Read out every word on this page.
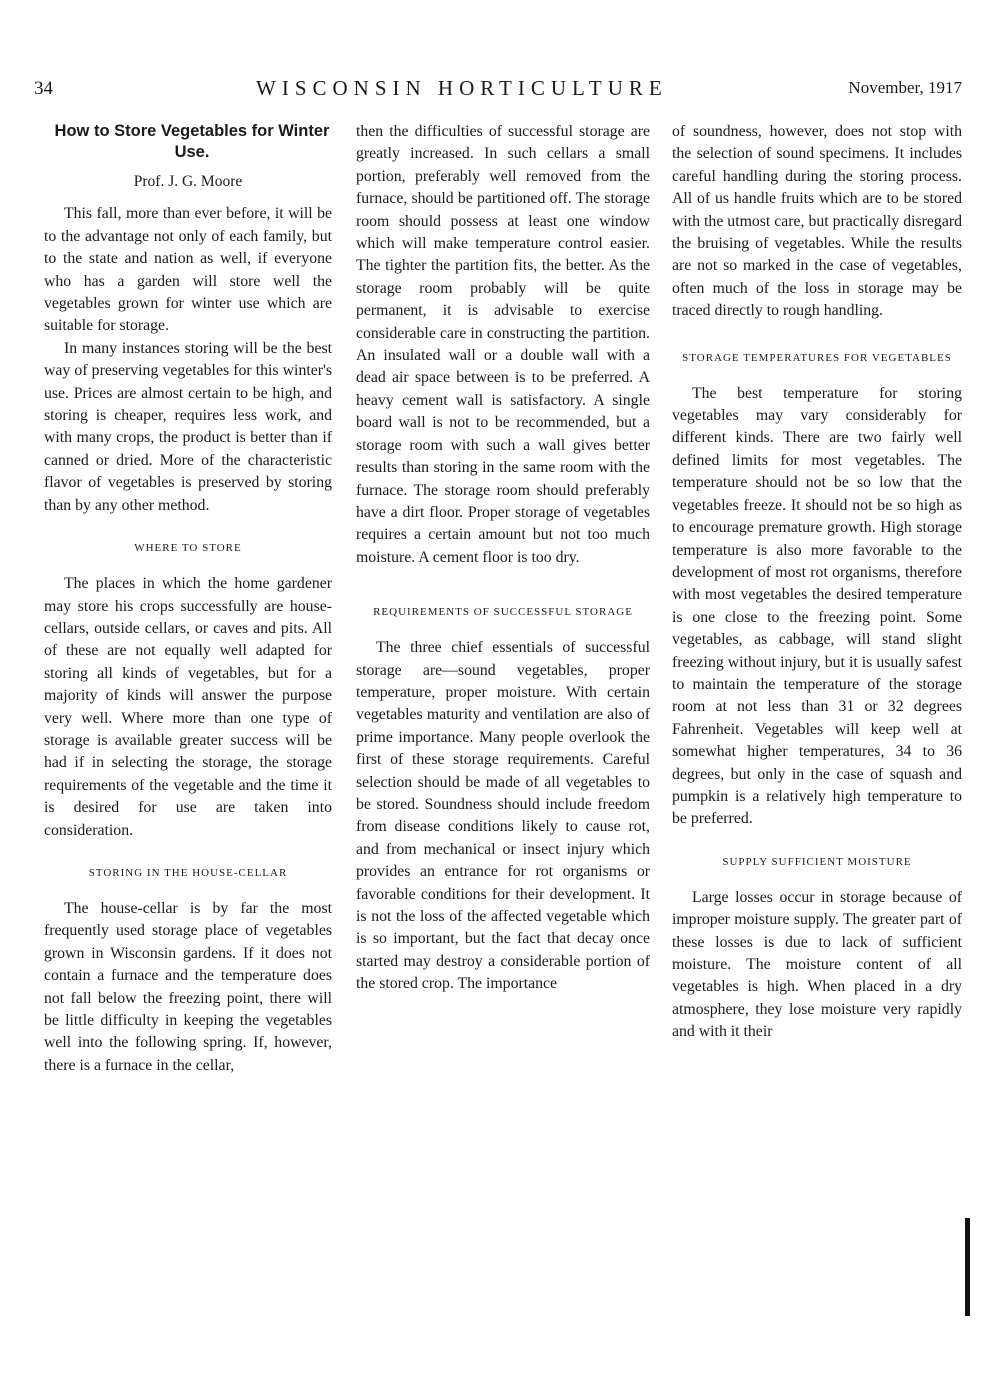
34	WISCONSIN HORTICULTURE	November, 1917
How to Store Vegetables for Winter Use.
Prof. J. G. Moore

This fall, more than ever before, it will be to the advantage not only of each family, but to the state and nation as well, if everyone who has a garden will store well the vegetables grown for winter use which are suitable for storage.

In many instances storing will be the best way of preserving vegetables for this winter's use. Prices are almost certain to be high, and storing is cheaper, requires less work, and with many crops, the product is better than if canned or dried. More of the characteristic flavor of vegetables is preserved by storing than by any other method.

WHERE TO STORE

The places in which the home gardener may store his crops successfully are house-cellars, outside cellars, or caves and pits. All of these are not equally well adapted for storing all kinds of vegetables, but for a majority of kinds will answer the purpose very well. Where more than one type of storage is available greater success will be had if in selecting the storage, the storage requirements of the vegetable and the time it is desired for use are taken into consideration.

STORING IN THE HOUSE-CELLAR

The house-cellar is by far the most frequently used storage place of vegetables grown in Wisconsin gardens. If it does not contain a furnace and the temperature does not fall below the freezing point, there will be little difficulty in keeping the vegetables well into the following spring. If, however, there is a furnace in the cellar,

then the difficulties of successful storage are greatly increased. In such cellars a small portion, preferably well removed from the furnace, should be partitioned off. The storage room should possess at least one window which will make temperature control easier. The tighter the partition fits, the better. As the storage room probably will be quite permanent, it is advisable to exercise considerable care in constructing the partition. An insulated wall or a double wall with a dead air space between is to be preferred. A heavy cement wall is satisfactory. A single board wall is not to be recommended, but a storage room with such a wall gives better results than storing in the same room with the furnace. The storage room should preferably have a dirt floor. Proper storage of vegetables requires a certain amount but not too much moisture. A cement floor is too dry.

REQUIREMENTS OF SUCCESSFUL STORAGE

The three chief essentials of successful storage are—sound vegetables, proper temperature, proper moisture. With certain vegetables maturity and ventilation are also of prime importance. Many people overlook the first of these storage requirements. Careful selection should be made of all vegetables to be stored. Soundness should include freedom from disease conditions likely to cause rot, and from mechanical or insect injury which provides an entrance for rot organisms or favorable conditions for their development. It is not the loss of the affected vegetable which is so important, but the fact that decay once started may destroy a considerable portion of the stored crop. The importance

of soundness, however, does not stop with the selection of sound specimens. It includes careful handling during the storing process. All of us handle fruits which are to be stored with the utmost care, but practically disregard the bruising of vegetables. While the results are not so marked in the case of vegetables, often much of the loss in storage may be traced directly to rough handling.

STORAGE TEMPERATURES FOR VEGETABLES

The best temperature for storing vegetables may vary considerably for different kinds. There are two fairly well defined limits for most vegetables. The temperature should not be so low that the vegetables freeze. It should not be so high as to encourage premature growth. High storage temperature is also more favorable to the development of most rot organisms, therefore with most vegetables the desired temperature is one close to the freezing point. Some vegetables, as cabbage, will stand slight freezing without injury, but it is usually safest to maintain the temperature of the storage room at not less than 31 or 32 degrees Fahrenheit. Vegetables will keep well at somewhat higher temperatures, 34 to 36 degrees, but only in the case of squash and pumpkin is a relatively high temperature to be preferred.

SUPPLY SUFFICIENT MOISTURE

Large losses occur in storage because of improper moisture supply. The greater part of these losses is due to lack of sufficient moisture. The moisture content of all vegetables is high. When placed in a dry atmosphere, they lose moisture very rapidly and with it their
